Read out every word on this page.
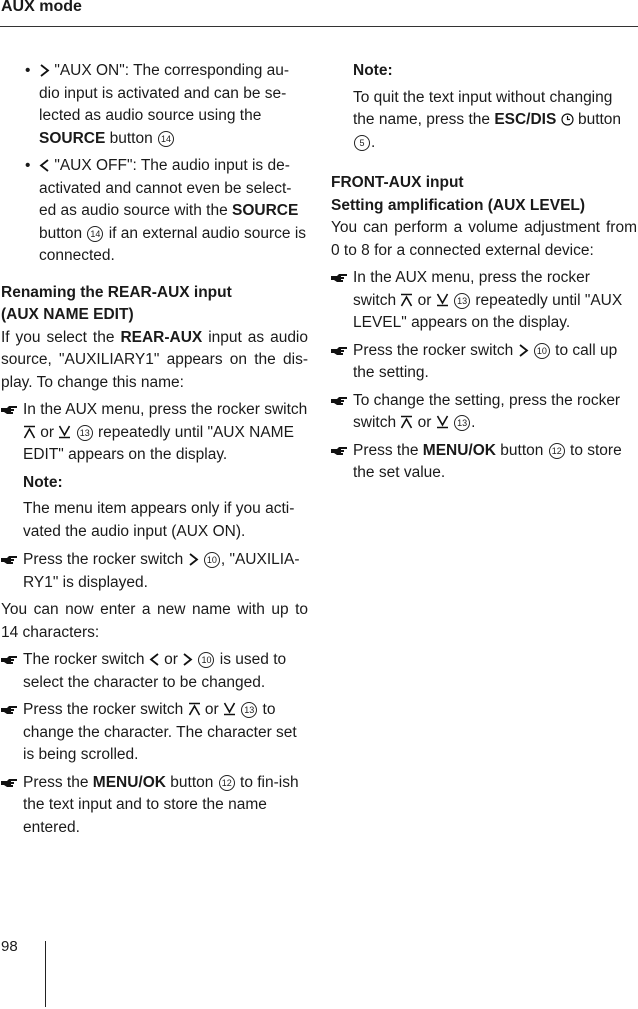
AUX mode
• "AUX ON": The corresponding au-dio input is activated and can be se-lected as audio source using the SOURCE button 14
• "AUX OFF": The audio input is de-activated and cannot even be select-ed as audio source with the SOURCE button 14 if an external audio source is connected.
Renaming the REAR-AUX input
(AUX NAME EDIT)

If you select the REAR-AUX input as audio source, "AUXILIARY1" appears on the dis-play. To change this name:

In the AUX menu, press the rocker switch  or  13 repeatedly until "AUX NAME EDIT" appears on the display.
Note:
The menu item appears only if you acti-vated the audio input (AUX ON).
Press the rocker switch  10 , "AUXILIA-RY1" is displayed.

You can now enter a new name with up to 14 characters:

The rocker switch  or  10 is used to select the character to be changed.
Press the rocker switch  or  13 to change the character. The character set is being scrolled.
Press the MENU/OK button 12 to fin-ish the text input and to store the name entered.
Note:
To quit the text input without changing the name, press the ESC/DIS  button 5 .
FRONT-AUX input
Setting amplification (AUX LEVEL)

You can perform a volume adjustment from 0 to 8 for a connected external device:

In the AUX menu, press the rocker switch  or  13 repeatedly until "AUX LEVEL" appears on the display.
Press the rocker switch  10 to call up the setting.
To change the setting, press the rocker switch  or  13 .
Press the MENU/OK button 12 to store the set value.
98
